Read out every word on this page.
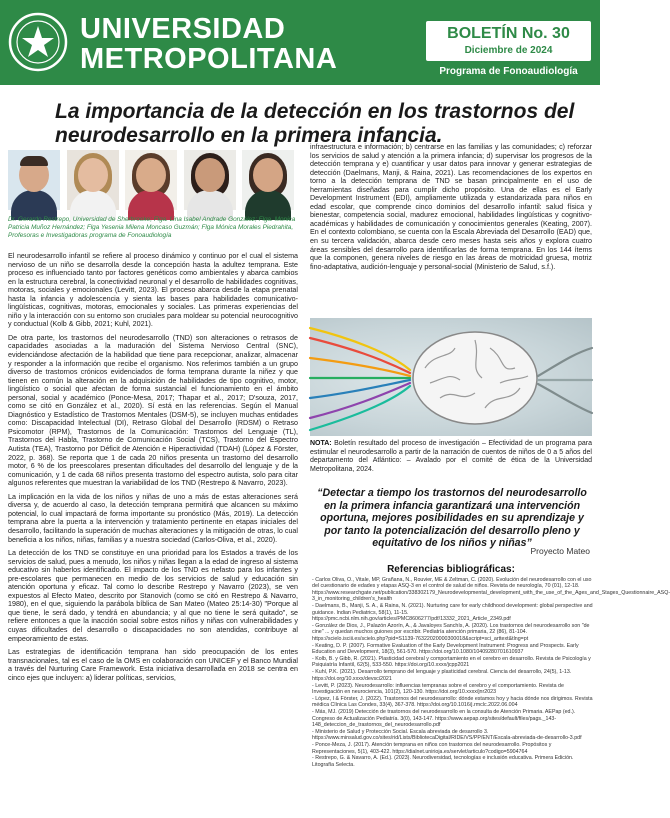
UNIVERSIDAD
METROPOLITANA
BOLETÍN No. 30
Diciembre de 2024
Programa de Fonoaudiología
La importancia de la detección en los trastornos del neurodesarrollo en la primera infancia.
Dr. Gerardo Restrepo, Universidad de Sherbrooke; Flga. Lina Isabel Andrade González; Flga. Monica Patricia Muñoz Hernández; Flga Yesenia Milena Moncaso Guzmán; Flga Mónica Morales Piedrahita, Profesoras e Investigadoras programa de Fonoaudiología

El neurodesarrollo infantil se refiere al proceso dinámico y continuo por el cual el sistema nervioso de un niño se desarrolla desde la concepción hasta la adultez temprana. Este proceso es influenciado tanto por factores genéticos como ambientales y abarca cambios en la estructura cerebral, la conectividad neuronal y el desarrollo de habilidades cognitivas, motoras, sociales y emocionales (Levitt, 2023). El proceso abarca desde la etapa prenatal hasta la infancia y adolescencia y sienta las bases para habilidades comunicativo-lingüísticas, cognitivas, motoras, emocionales y sociales. Las primeras experiencias del niño y la interacción con su entorno son cruciales para moldear su potencial neurocognitivo y conductual (Kolb & Gibb, 2021; Kuhl, 2021).

De otra parte, los trastornos del neurodesarrollo (TND) son alteraciones o retrasos de capacidades asociadas a la maduración del Sistema Nervioso Central (SNC), evidenciándose afectación de la habilidad que tiene para recepcionar, analizar, almacenar y responder a la información que recibe el organismo. Nos referimos también a un grupo diverso de trastornos crónicos evidenciados de forma temprana durante la niñez y que tienen en común la alteración en la adquisición de habilidades de tipo cognitivo, motor, lingüístico o social que afectan de forma sustancial el funcionamiento en el ámbito personal, social y académico (Ponce-Mesa, 2017; Thapar et al., 2017; D'souza, 2017, como se citó en González et al., 2020). Sí está en las referencias. Según el Manual Diagnóstico y Estadístico de Trastornos Mentales (DSM-5), se incluyen muchas entidades como: Discapacidad Intelectual (DI), Retraso Global del Desarrollo (RDSM) o Retraso Psicomotor (RPM), Trastornos de la Comunicación: Trastornos del Lenguaje (TL), Trastornos del Habla, Trastorno de Comunicación Social (TCS), Trastorno del Espectro Autista (TEA), Trastorno por Déficit de Atención e Hiperactividad (TDAH) (López & Förster, 2022, p. 368). Se reporta que 1 de cada 20 niños presenta un trastorno del desarrollo motor, 6 % de los preescolares presentan dificultades del desarrollo del lenguaje y de la comunicación, y 1 de cada 68 niños presenta trastorno del espectro autista, solo para citar algunos referentes que muestran la variabilidad de los TND (Restrepo & Navarro, 2023).

La implicación en la vida de los niños y niñas de uno a más de estas alteraciones será diversa y, de acuerdo al caso, la detección temprana permitirá que alcancen su máximo potencial, lo cual impactará de forma importante su pronóstico (Más, 2019). La detección temprana abre la puerta a la intervención y tratamiento pertinente en etapas iniciales del desarrollo, facilitando la superación de muchas alteraciones y la mitigación de otras, lo cual beneficia a los niños, niñas, familias y a nuestra sociedad (Carlos-Oliva, et al., 2020).

La detección de los TND se constituye en una prioridad para los Estados a través de los servicios de salud, pues a menudo, los niños y niñas llegan a la edad de ingreso al sistema educativo sin haberlos identificado. El impacto de los TND es nefasto para los infantes y pre-escolares que permanecen en medio de los servicios de salud y educación sin atención oportuna y eficaz. Tal como lo describe Restrepo y Navarro (2023), se ven expuestos al Efecto Mateo, descrito por Stanovich (como se citó en Restrepo & Navarro, 1980), en el que, siguiendo la parábola bíblica de San Mateo (Mateo 25:14-30) "Porque al que tiene, le será dado, y tendrá en abundancia; y al que no tiene le será quitado", se refiere entonces a que la inacción social sobre estos niños y niñas con vulnerabilidades y cuyas dificultades del desarrollo o discapacidades no son atendidas, contribuye al empeoramiento de estas.

Las estrategias de identificación temprana han sido preocupación de los entes transnacionales, tal es el caso de la OMS en colaboración con UNICEF y el Banco Mundial a través del Nurturing Care Framework. Esta iniciativa desarrollada en 2018 se centra en cinco ejes que incluyen: a) liderar políticas, servicios,

infraestructura e información; b) centrarse en las familias y las comunidades; c) reforzar los servicios de salud y atención a la primera infancia; d) supervisar los progresos de la detección temprana y e) cuantificar y usar datos para innovar y generar estrategias de detección (Daelmans, Manji, & Raina, 2021). Las recomendaciones de los expertos en torno a la detección temprana de TND se basan principalmente en el uso de herramientas diseñadas para cumplir dicho propósito. Una de ellas es el Early Development Instrument (EDI), ampliamente utilizada y estandarizada para niños en edad escolar, que comprende cinco dominios del desarrollo infantil: salud física y bienestar, competencia social, madurez emocional, habilidades lingüísticas y cognitivo-académicas y habilidades de comunicación y conocimientos generales (Keating, 2007). En el contexto colombiano, se cuenta con la Escala Abreviada del Desarrollo (EAD) que, en su tercera validación, abarca desde cero meses hasta seis años y explora cuatro áreas sensibles del desarrollo para identificarlas de forma temprana. En los 144 ítems que la componen, genera niveles de riesgo en las áreas de motricidad gruesa, motriz fino-adaptativa, audición-lenguaje y personal-social (Ministerio de Salud, s.f.).

NOTA: Boletín resultado del proceso de investigación – Efectividad de un programa para estimular el neurodesarrollo a partir de la narración de cuentos de niños de 0 a 5 años del departamento del Atlántico: – Avalado por el comité de ética de la Universidad Metropolitana, 2024.
“Detectar a tiempo los trastornos del neurodesarrollo en la primera infancia garantizará una intervención oportuna, mejores posibilidades en su aprendizaje y por tanto la potencialización del desarrollo pleno y equitativo de los niños y niñas”
Proyecto Mateo
Referencias bibliográficas:
- Carlos Oliva, O., Vitale, MP, Grañana, N., Rouvier, ME & Zeltman, C. (2020). Evolución del neurodesarrollo con el uso del cuestionario de edades y etapas ASQ-3 en el control de salud de niños. Revista de neurología, 70 (01), 12-18. https://www.researchgate.net/publication/338302179_Neurodevelopmental_development_with_the_use_of_the_Ages_and_Stages_Questionnaire_ASQ-3_in_monitoring_children's_health
- Daelmans, B., Manji, S. A., & Raina, N. (2021). Nurturing care for early childhood development: global perspective and guidance. Indian Pediatrics, 58(1), 11-15. https://pmc.ncbi.nlm.nih.gov/articles/PMC8606277/pdf/13332_2021_Article_2349.pdf
- González de Dios, J., Palazón Azorín, A., & Javaloyes Sanchís, A. (2020). Los trastornos del neurodesarrollo son "de cine" ... y quedan muchos guiones por escribir. Pediatría atención primaria, 22 (86), 81-104. https://scielo.isciii.es/scielo.php?pid=S1139-76322020000300018&script=sci_arttext&tlng=pt
- Keating, D. P. (2007). Formative Evaluation of the Early Development Instrument: Progress and Prospects. Early Education and Development, 18(3), 561-570. https://doi.org/10.1080/10409280701610937
- Kolb, B. y Gibb, R. (2021). Plasticidad cerebral y comportamiento en el cerebro en desarrollo. Revista de Psicología y Psiquiatría Infantil, 62(5), 533-550. https://doi.org/10.xxxx/jcpp2021
- Kuhl, P.K. (2021). Desarrollo temprano del lenguaje y plasticidad cerebral. Ciencia del desarrollo, 24(5), 1-13. https://doi.org/10.xxxx/devsci2021
- Levitt, P. (2023). Neurodesarrollo: influencias tempranas sobre el cerebro y el comportamiento. Revista de Investigación en neurociencia, 101(2), 120-130. https://doi.org/10.xxxx/jnr2023
- López, I & Förster, J. (2022). Trastornos del neurodesarrollo: dónde estamos hoy y hacia dónde nos dirigimos. Revista médica Clínica Las Condes, 33(4), 367-378. https://doi.org/10.1016/j.rmclc.2022.06.004
- Más, MJ. (2019) Detección de trastornos del neurodesarrollo en la consulta de Atención Primaria. AEPap (ed.). Congreso de Actualización Pediatría. 3(0), 143-147. https://www.aepap.org/sites/default/files/pags._143-148_deteccion_de_trastornos_del_neurodesarrollo.pdf
- Ministerio de Salud y Protección Social. Escala abreviada de desarrollo 3. https://www.minsalud.gov.co/sites/rid/Lists/BibliotecaDigital/RIDE/VS/PP/ENT/Escala-abreviada-de-desarrollo-3.pdf
- Ponce-Meza, J. (2017). Atención temprana en niños con trastornos del neurodesarrollo. Propósitos y Representaciones, 5(1), 403-422. https://dialnet.unirioja.es/servlet/articulo?codigo=5904764
- Restrepo, G. & Navarro, A. (Ed.). (2023). Neurodiversidad, tecnologías e inclusión educativa. Primera Edición. Litografía Selecta.
